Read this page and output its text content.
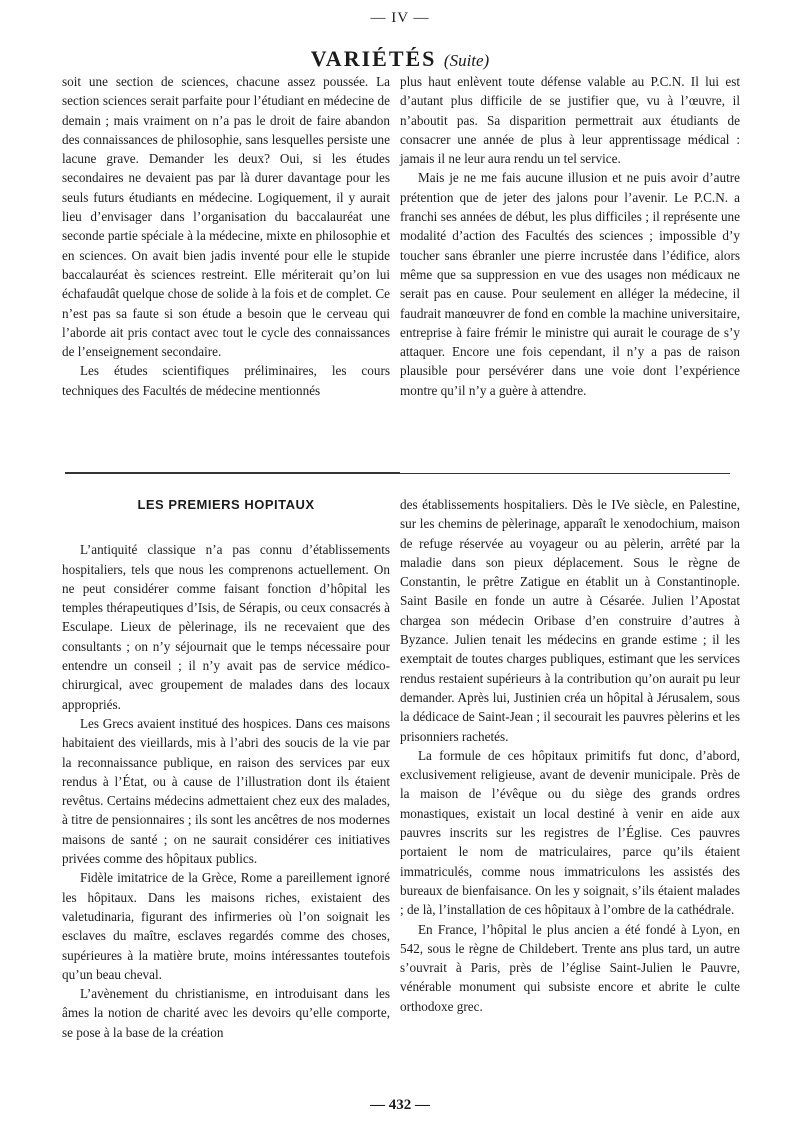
— IV —
VARIÉTÉS (Suite)

soit une section de sciences, chacune assez poussée. La section sciences serait parfaite pour l’étudiant en médecine de demain ; mais vraiment on n’a pas le droit de faire abandon des connaissances de philosophie, sans lesquelles persiste une lacune grave. Demander les deux? Oui, si les études secondaires ne devaient pas par là durer davantage pour les seuls futurs étudiants en médecine. Logiquement, il y aurait lieu d’envisager dans l’organisation du baccalauréat une seconde partie spéciale à la médecine, mixte en philosophie et en sciences. On avait bien jadis inventé pour elle le stupide baccalauréat ès sciences restreint. Elle mériterait qu’on lui échafaudât quelque chose de solide à la fois et de complet. Ce n’est pas sa faute si son étude a besoin que le cerveau qui l’aborde ait pris contact avec tout le cycle des connaissances de l’enseignement secondaire.

Les études scientifiques préliminaires, les cours techniques des Facultés de médecine mentionnés

plus haut enlèvent toute défense valable au P.C.N. Il lui est d’autant plus difficile de se justifier que, vu à l’œuvre, il n’aboutit pas. Sa disparition permettrait aux étudiants de consacrer une année de plus à leur apprentissage médical : jamais il ne leur aura rendu un tel service.

Mais je ne me fais aucune illusion et ne puis avoir d’autre prétention que de jeter des jalons pour l’avenir. Le P.C.N. a franchi ses années de début, les plus difficiles ; il représente une modalité d’action des Facultés des sciences ; impossible d’y toucher sans ébranler une pierre incrustée dans l’édifice, alors même que sa suppression en vue des usages non médicaux ne serait pas en cause. Pour seulement en alléger la médecine, il faudrait manœuvrer de fond en comble la machine universitaire, entreprise à faire frémir le ministre qui aurait le courage de s’y attaquer. Encore une fois cependant, il n’y a pas de raison plausible pour persévérer dans une voie dont l’expérience montre qu’il n’y a guère à attendre.

LES PREMIERS HOPITAUX

L’antiquité classique n’a pas connu d’établissements hospitaliers, tels que nous les comprenons actuellement. On ne peut considérer comme faisant fonction d’hôpital les temples thérapeutiques d’Isis, de Sérapis, ou ceux consacrés à Esculape. Lieux de pèlerinage, ils ne recevaient que des consultants ; on n’y séjournait que le temps nécessaire pour entendre un conseil ; il n’y avait pas de service médico-chirurgical, avec groupement de malades dans des locaux appropriés.

Les Grecs avaient institué des hospices. Dans ces maisons habitaient des vieillards, mis à l’abri des soucis de la vie par la reconnaissance publique, en raison des services par eux rendus à l’État, ou à cause de l’illustration dont ils étaient revêtus. Certains médecins admettaient chez eux des malades, à titre de pensionnaires ; ils sont les ancêtres de nos modernes maisons de santé ; on ne saurait considérer ces initiatives privées comme des hôpitaux publics.

Fidèle imitatrice de la Grèce, Rome a pareillement ignoré les hôpitaux. Dans les maisons riches, existaient des valetudinaria, figurant des infirmeries où l’on soignait les esclaves du maître, esclaves regardés comme des choses, supérieures à la matière brute, moins intéressantes toutefois qu’un beau cheval.

L’avènement du christianisme, en introduisant dans les âmes la notion de charité avec les devoirs qu’elle comporte, se pose à la base de la création

des établissements hospitaliers. Dès le IVe siècle, en Palestine, sur les chemins de pèlerinage, apparaît le xenodochium, maison de refuge réservée au voyageur ou au pèlerin, arrêté par la maladie dans son pieux déplacement. Sous le règne de Constantin, le prêtre Zatigue en établit un à Constantinople. Saint Basile en fonde un autre à Césarée. Julien l’Apostat chargea son médecin Oribase d’en construire d’autres à Byzance. Julien tenait les médecins en grande estime ; il les exemptait de toutes charges publiques, estimant que les services rendus restaient supérieurs à la contribution qu’on aurait pu leur demander. Après lui, Justinien créa un hôpital à Jérusalem, sous la dédicace de Saint-Jean ; il secourait les pauvres pèlerins et les prisonniers rachetés.

La formule de ces hôpitaux primitifs fut donc, d’abord, exclusivement religieuse, avant de devenir municipale. Près de la maison de l’évêque ou du siège des grands ordres monastiques, existait un local destiné à venir en aide aux pauvres inscrits sur les registres de l’Église. Ces pauvres portaient le nom de matriculaires, parce qu’ils étaient immatriculés, comme nous immatriculons les assistés des bureaux de bienfaisance. On les y soignait, s’ils étaient malades ; de là, l’installation de ces hôpitaux à l’ombre de la cathédrale.

En France, l’hôpital le plus ancien a été fondé à Lyon, en 542, sous le règne de Childebert. Trente ans plus tard, un autre s’ouvrait à Paris, près de l’église Saint-Julien le Pauvre, vénérable monument qui subsiste encore et abrite le culte orthodoxe grec.

— 432 —
